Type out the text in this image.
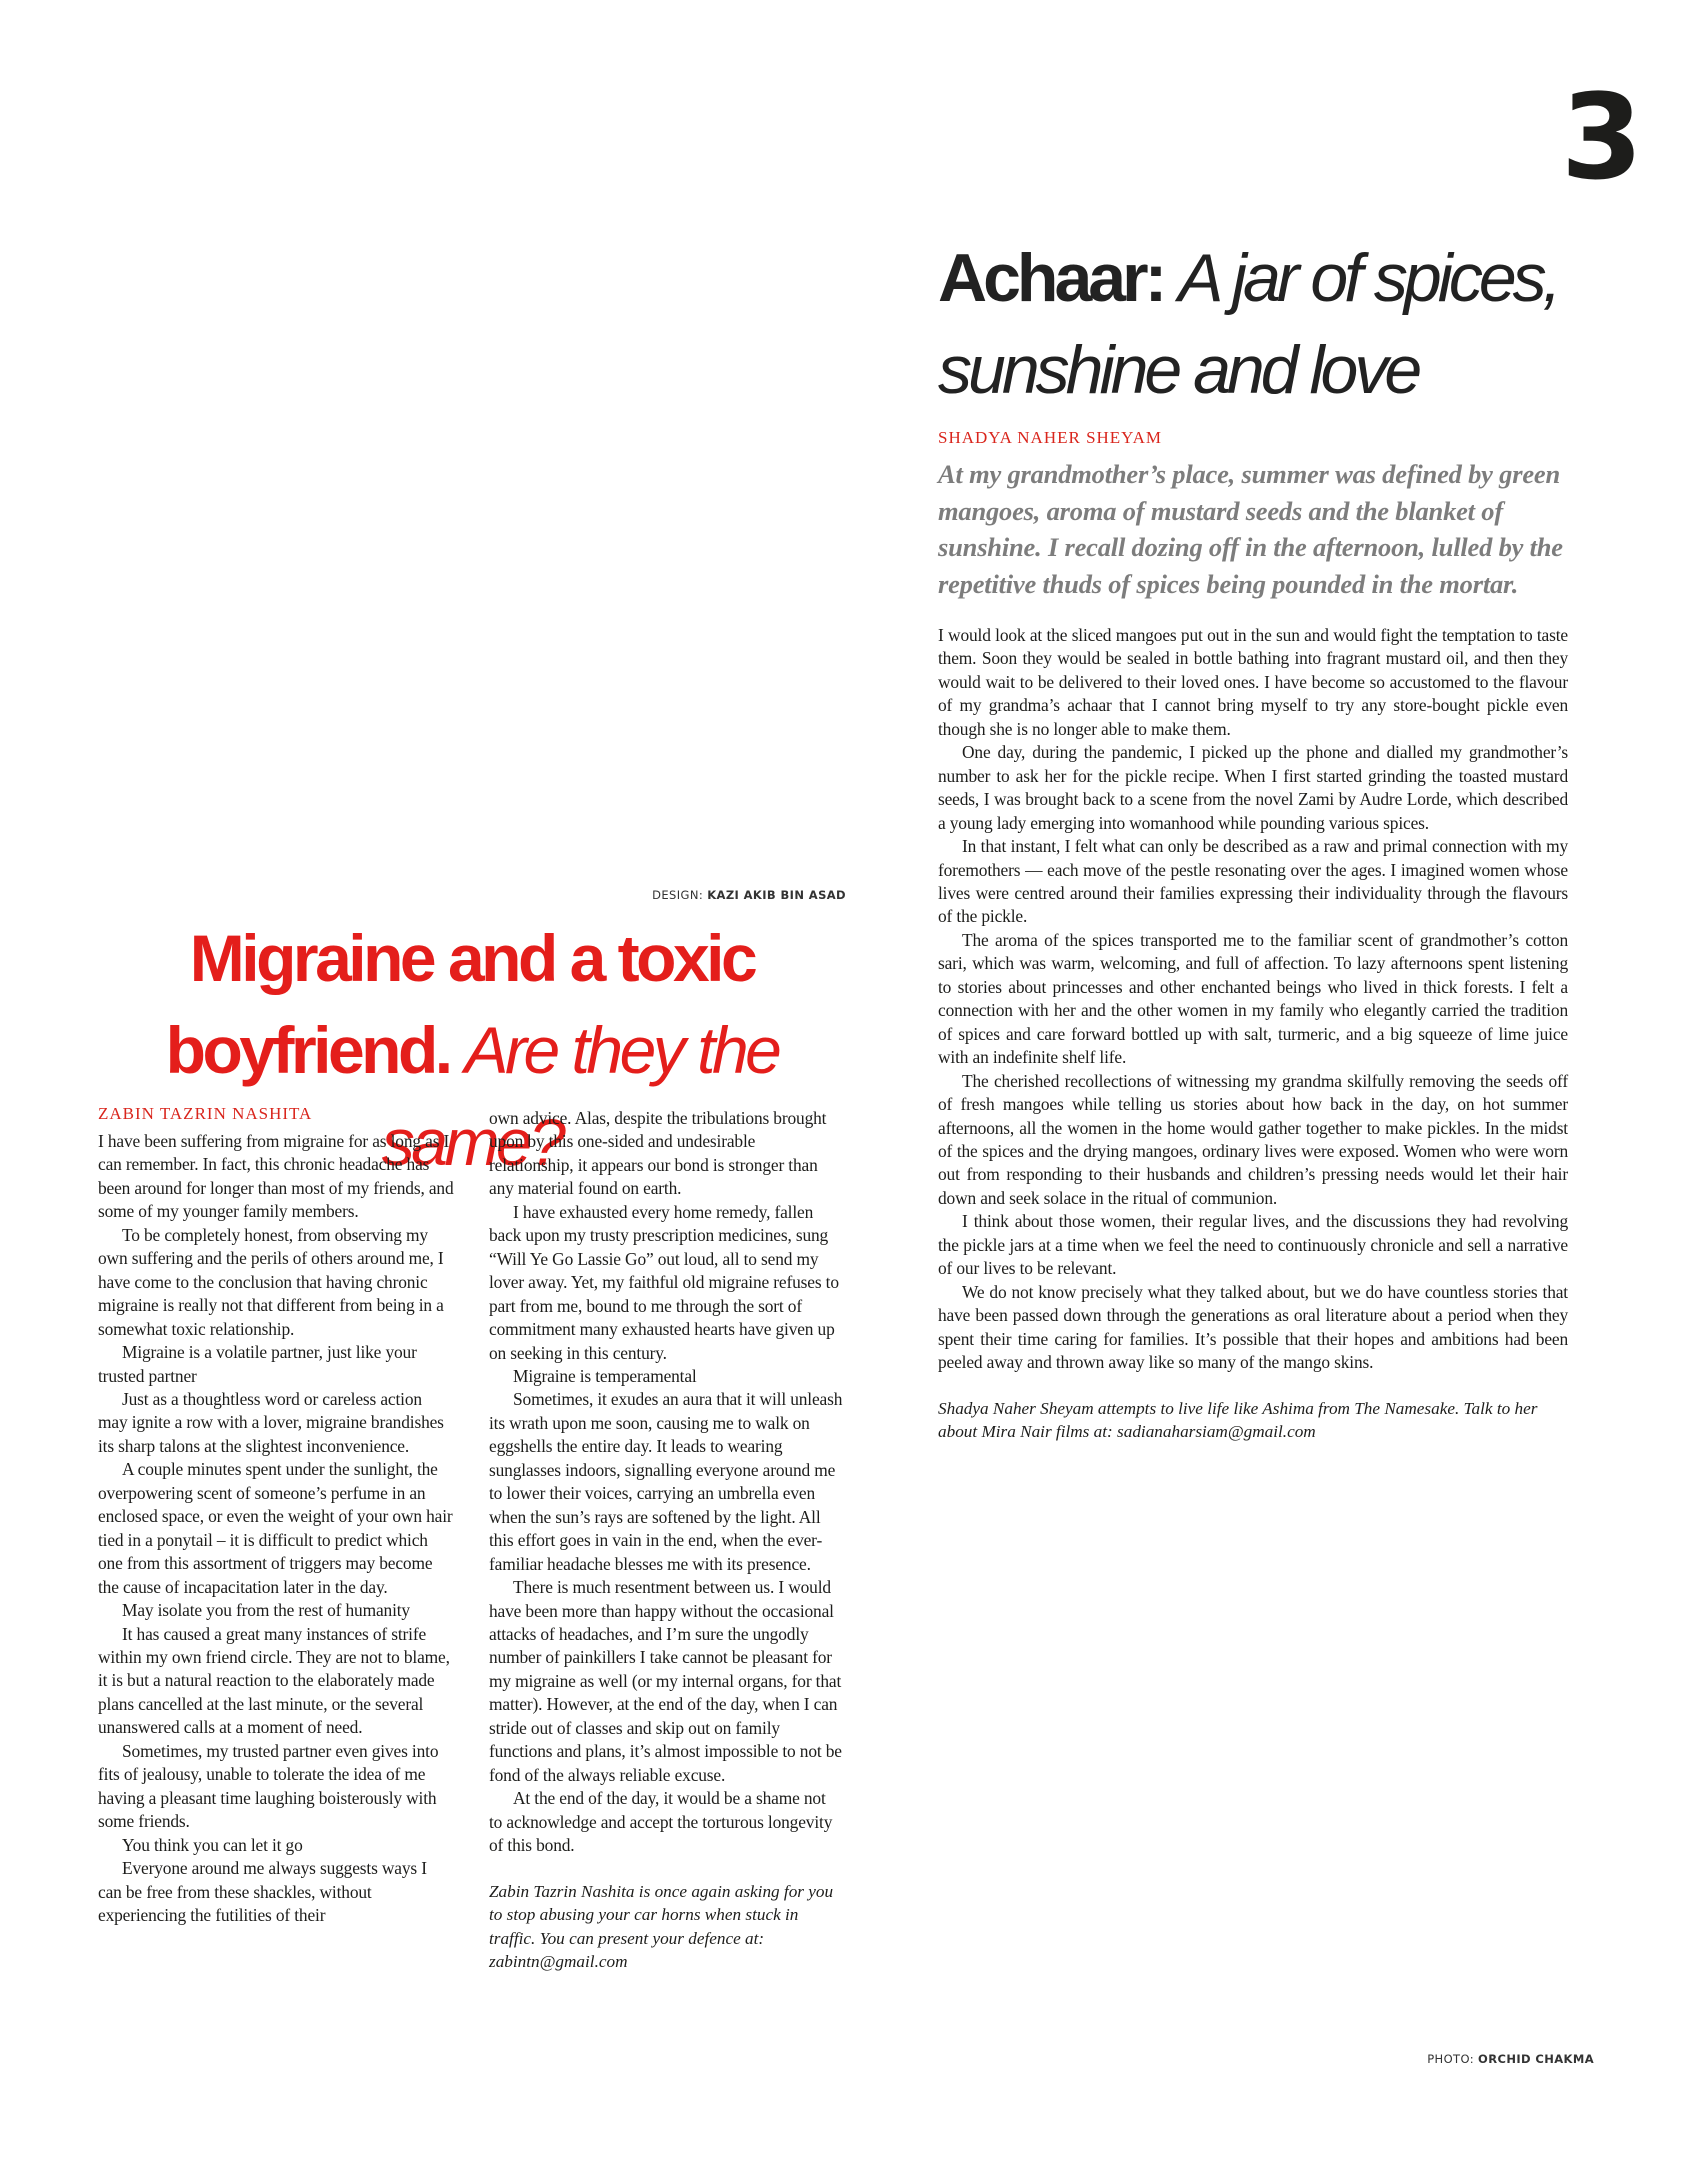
3
Achaar: A jar of spices, sunshine and love

SHADYA NAHER SHEYAM

At my grandmother’s place, summer was defined by green mangoes, aroma of mustard seeds and the blanket of sunshine. I recall dozing off in the afternoon, lulled by the repetitive thuds of spices being pounded in the mortar.

I would look at the sliced mangoes put out in the sun and would fight the temptation to taste them. Soon they would be sealed in bottle bathing into fragrant mustard oil, and then they would wait to be delivered to their loved ones. I have become so accustomed to the flavour of my grandma’s achaar that I cannot bring myself to try any store-bought pickle even though she is no longer able to make them.

One day, during the pandemic, I picked up the phone and dialled my grandmother’s number to ask her for the pickle recipe. When I first started grinding the toasted mustard seeds, I was brought back to a scene from the novel Zami by Audre Lorde, which described a young lady emerging into womanhood while pounding various spices.

In that instant, I felt what can only be described as a raw and primal connection with my foremothers — each move of the pestle resonating over the ages. I imagined women whose lives were centred around their families expressing their individuality through the flavours of the pickle.

The aroma of the spices transported me to the familiar scent of grandmother’s cotton sari, which was warm, welcoming, and full of affection. To lazy afternoons spent listening to stories about princesses and other enchanted beings who lived in thick forests. I felt a connection with her and the other women in my family who elegantly carried the tradition of spices and care forward bottled up with salt, turmeric, and a big squeeze of lime juice with an indefinite shelf life.

The cherished recollections of witnessing my grandma skilfully removing the seeds off of fresh mangoes while telling us stories about how back in the day, on hot summer afternoons, all the women in the home would gather together to make pickles. In the midst of the spices and the drying mangoes, ordinary lives were exposed. Women who were worn out from responding to their husbands and children’s pressing needs would let their hair down and seek solace in the ritual of communion.

I think about those women, their regular lives, and the discussions they had revolving the pickle jars at a time when we feel the need to continuously chronicle and sell a narrative of our lives to be relevant.

We do not know precisely what they talked about, but we do have countless stories that have been passed down through the generations as oral literature about a period when they spent their time caring for families. It’s possible that their hopes and ambitions had been peeled away and thrown away like so many of the mango skins.

Shadya Naher Sheyam attempts to live life like Ashima from The Namesake. Talk to her about Mira Nair films at: sadianaharsiam@gmail.com

DESIGN: KAZI AKIB BIN ASAD
Migraine and a toxic boyfriend. Are they the same?

ZABIN TAZRIN NASHITA

I have been suffering from migraine for as long as I can remember. In fact, this chronic headache has been around for longer than most of my friends, and some of my younger family members.

To be completely honest, from observing my own suffering and the perils of others around me, I have come to the conclusion that having chronic migraine is really not that different from being in a somewhat toxic relationship.

Migraine is a volatile partner, just like your trusted partner

Just as a thoughtless word or careless action may ignite a row with a lover, migraine brandishes its sharp talons at the slightest inconvenience.

A couple minutes spent under the sunlight, the overpowering scent of someone’s perfume in an enclosed space, or even the weight of your own hair tied in a ponytail – it is difficult to predict which one from this assortment of triggers may become the cause of incapacitation later in the day.

May isolate you from the rest of humanity

It has caused a great many instances of strife within my own friend circle. They are not to blame, it is but a natural reaction to the elaborately made plans cancelled at the last minute, or the several unanswered calls at a moment of need.

Sometimes, my trusted partner even gives into fits of jealousy, unable to tolerate the idea of me having a pleasant time laughing boisterously with some friends.

You think you can let it go

Everyone around me always suggests ways I can be free from these shackles, without experiencing the futilities of their

own advice. Alas, despite the tribulations brought upon by this one-sided and undesirable relationship, it appears our bond is stronger than any material found on earth.

I have exhausted every home remedy, fallen back upon my trusty prescription medicines, sung “Will Ye Go Lassie Go” out loud, all to send my lover away. Yet, my faithful old migraine refuses to part from me, bound to me through the sort of commitment many exhausted hearts have given up on seeking in this century.

Migraine is temperamental

Sometimes, it exudes an aura that it will unleash its wrath upon me soon, causing me to walk on eggshells the entire day. It leads to wearing sunglasses indoors, signalling everyone around me to lower their voices, carrying an umbrella even when the sun’s rays are softened by the light. All this effort goes in vain in the end, when the ever-familiar headache blesses me with its presence.

There is much resentment between us. I would have been more than happy without the occasional attacks of headaches, and I’m sure the ungodly number of painkillers I take cannot be pleasant for my migraine as well (or my internal organs, for that matter). However, at the end of the day, when I can stride out of classes and skip out on family functions and plans, it’s almost impossible to not be fond of the always reliable excuse.

At the end of the day, it would be a shame not to acknowledge and accept the torturous longevity of this bond.

Zabin Tazrin Nashita is once again asking for you to stop abusing your car horns when stuck in traffic. You can present your defence at: zabintn@gmail.com

PHOTO: ORCHID CHAKMA
